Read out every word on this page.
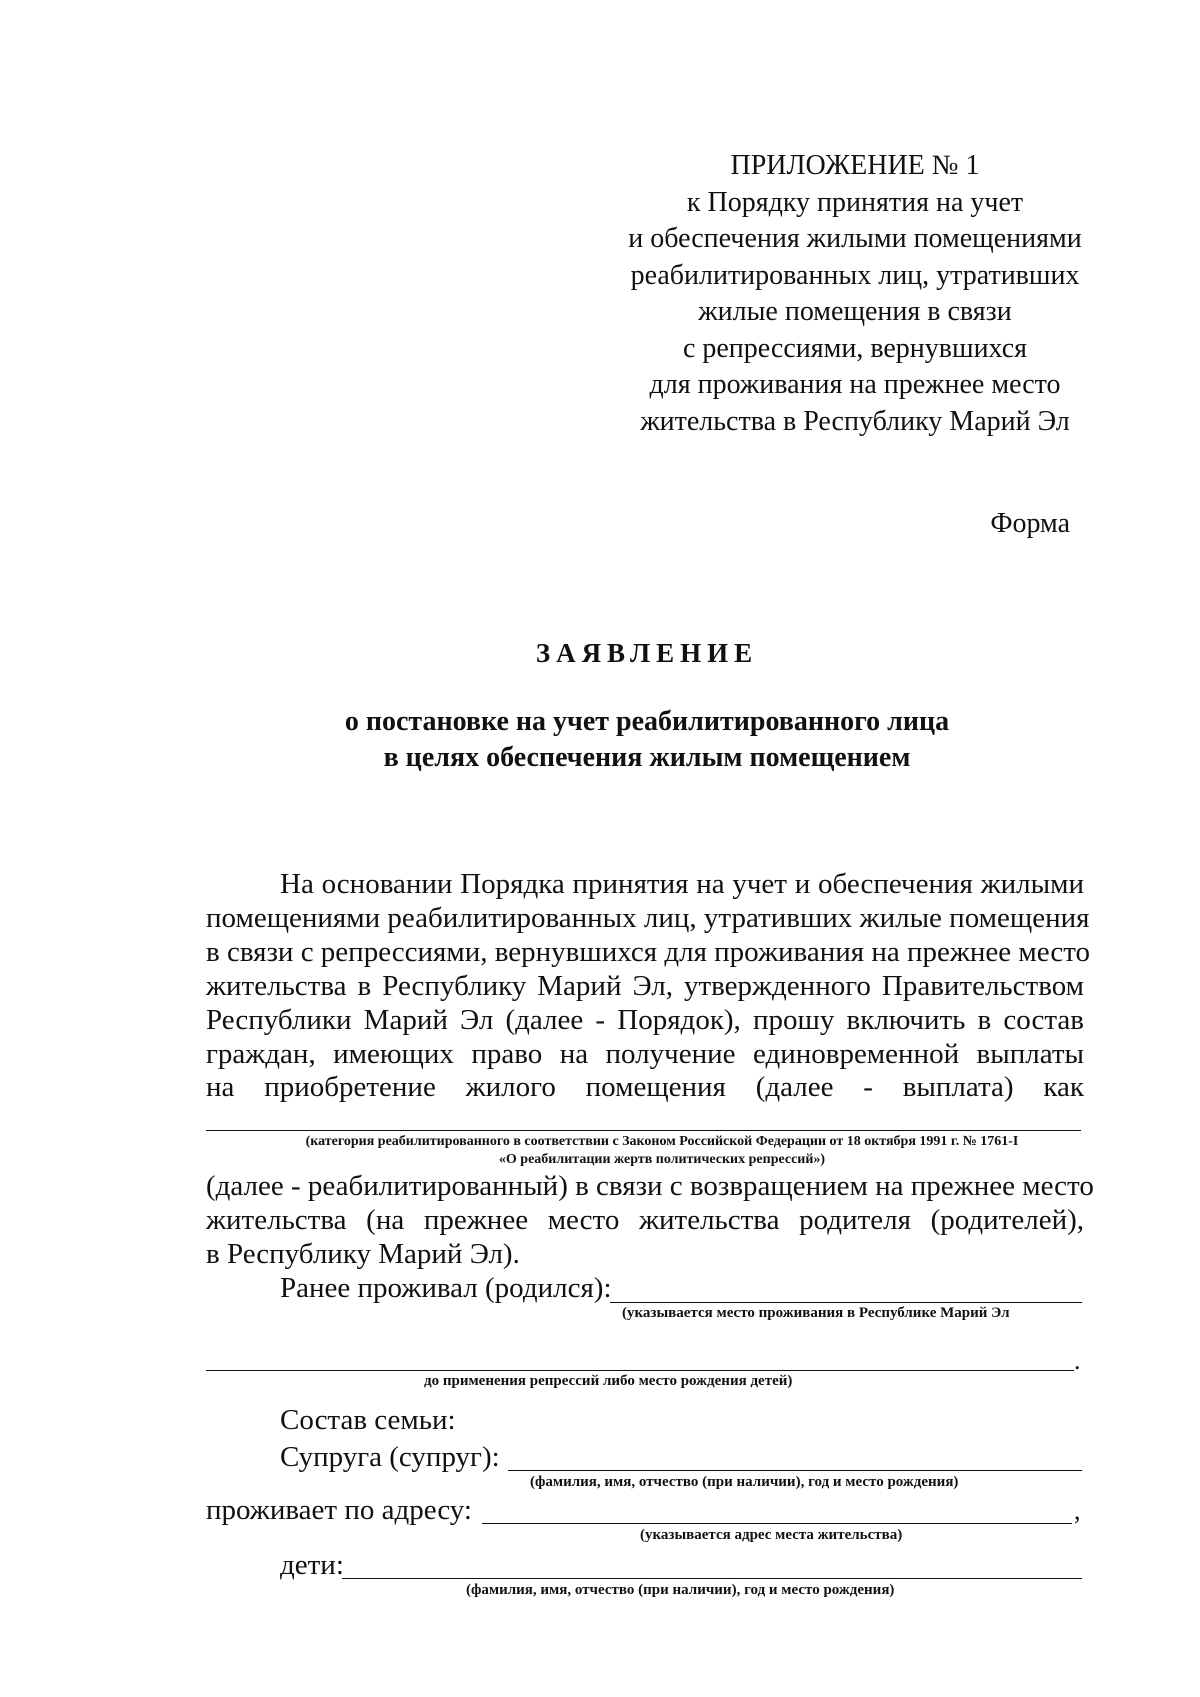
ПРИЛОЖЕНИЕ № 1
к Порядку принятия на учет
и обеспечения жилыми помещениями
реабилитированных лиц, утративших
жилые помещения в связи
с репрессиями, вернувшихся
для проживания на прежнее место
жительства в Республику Марий Эл
Форма
ЗАЯВЛЕНИЕ
о постановке на учет реабилитированного лица
в целях обеспечения жилым помещением
На основании Порядка принятия на учет и обеспечения жилыми
помещениями реабилитированных лиц, утративших жилые помещения
в связи с репрессиями, вернувшихся для проживания на прежнее место
жительства в Республику Марий Эл, утвержденного Правительством
Республики Марий Эл (далее - Порядок), прошу включить в состав
граждан, имеющих право на получение единовременной выплаты
на приобретение жилого помещения (далее - выплата) как
(категория реабилитированного в соответствии с Законом Российской Федерации от 18 октября 1991 г. № 1761-I
«О реабилитации жертв политических репрессий»)
(далее - реабилитированный) в связи с возвращением на прежнее место
жительства (на прежнее место жительства родителя (родителей),
в Республику Марий Эл).
Ранее проживал (родился):
(указывается место проживания в Республике Марий Эл
.
до применения репрессий либо место рождения детей)
Состав семьи:
Супруга (супруг):
(фамилия, имя, отчество (при наличии), год и место рождения)
проживает по адресу:	,
(указывается адрес места жительства)
дети:
(фамилия, имя, отчество (при наличии), год и место рождения)
